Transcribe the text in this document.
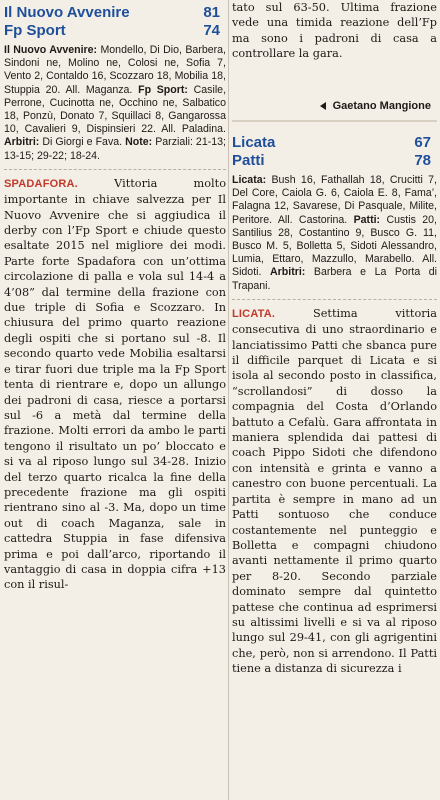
Il Nuovo Avvenire	81
Fp Sport	74
Il Nuovo Avvenire: Mondello, Di Dio, Barbera, Sindoni ne, Molino ne, Colosi ne, Sofia 7, Vento 2, Contaldo 16, Scozzaro 18, Mobilia 18, Stuppia 20. All. Maganza. Fp Sport: Casile, Perrone, Cucinotta ne, Occhino ne, Salbatico 18, Ponzù, Donato 7, Squillaci 8, Gangarossa 10, Cavalieri 9, Dispinsieri 22. All. Paladina. Arbitri: Di Giorgi e Fava. Note: Parziali: 21-13; 13-15; 29-22; 18-24.

SPADAFORA.	Vittoria molto importante in chiave salvezza per Il Nuovo Avvenire che si aggiudica il derby con l’Fp Sport e chiude questo esaltate 2015 nel migliore dei modi. Parte forte Spadafora con un’ottima circolazione di palla e vola sul 14-4 a 4’08” dal termine della frazione con due triple di Sofia e Scozzaro. In chiusura del primo quarto reazione degli ospiti che si portano sul -8. Il secondo quarto vede Mobilia esaltarsi e tirar fuori due triple ma la Fp Sport tenta di rientrare e, dopo un allungo dei padroni di casa, riesce a portarsi sul -6 a metà dal termine della frazione. Molti errori da ambo le parti tengono il risultato un po’ bloccato e si va al riposo lungo sul 34-28. Inizio del terzo quarto ricalca la fine della precedente frazione ma gli ospiti rientrano sino al -3. Ma, dopo un time out di coach Maganza, sale in cattedra Stuppia in fase difensiva prima e poi dall’arco, riportando il vantaggio di casa in doppia cifra +13 con il risul-

tato sul 63-50. Ultima frazione vede una timida reazione dell’Fp ma sono i padroni di casa a controllare la gara.

Gaetano Mangione
Licata	67
Patti	78
Licata: Bush 16, Fathallah 18, Crucitti 7, Del Core, Caiola G. 6, Caiola E. 8, Fama’, Falagna 12, Savarese, Di Pasquale, Milite, Peritore. All. Castorina. Patti: Custis 20, Santilius 28, Costantino 9, Busco G. 11, Busco M. 5, Bolletta 5, Sidoti Alessandro, Lumia, Ettaro, Mazzullo, Marabello. All. Sidoti. Arbitri: Barbera e La Porta di Trapani.

LICATA.	Settima vittoria consecutiva di uno straordinario e lanciatissimo Patti che sbanca pure il difficile parquet di Licata e si isola al secondo posto in classifica, “scrollandosi” di dosso la compagnia del Costa d’Orlando battuto a Cefalù. Gara affrontata in maniera splendida dai pattesi di coach Pippo Sidoti che difendono con intensità e grinta e vanno a canestro con buone percentuali. La partita è sempre in mano ad un Patti sontuoso che conduce costantemente nel punteggio e Bolletta e compagni chiudono avanti nettamente il primo quarto per 8-20. Secondo parziale dominato sempre dal quintetto pattese che continua ad esprimersi su altissimi livelli e si va al riposo lungo sul 29-41, con gli agrigentini che, però, non si arrendono. Il Patti tiene a distanza di sicurezza i
